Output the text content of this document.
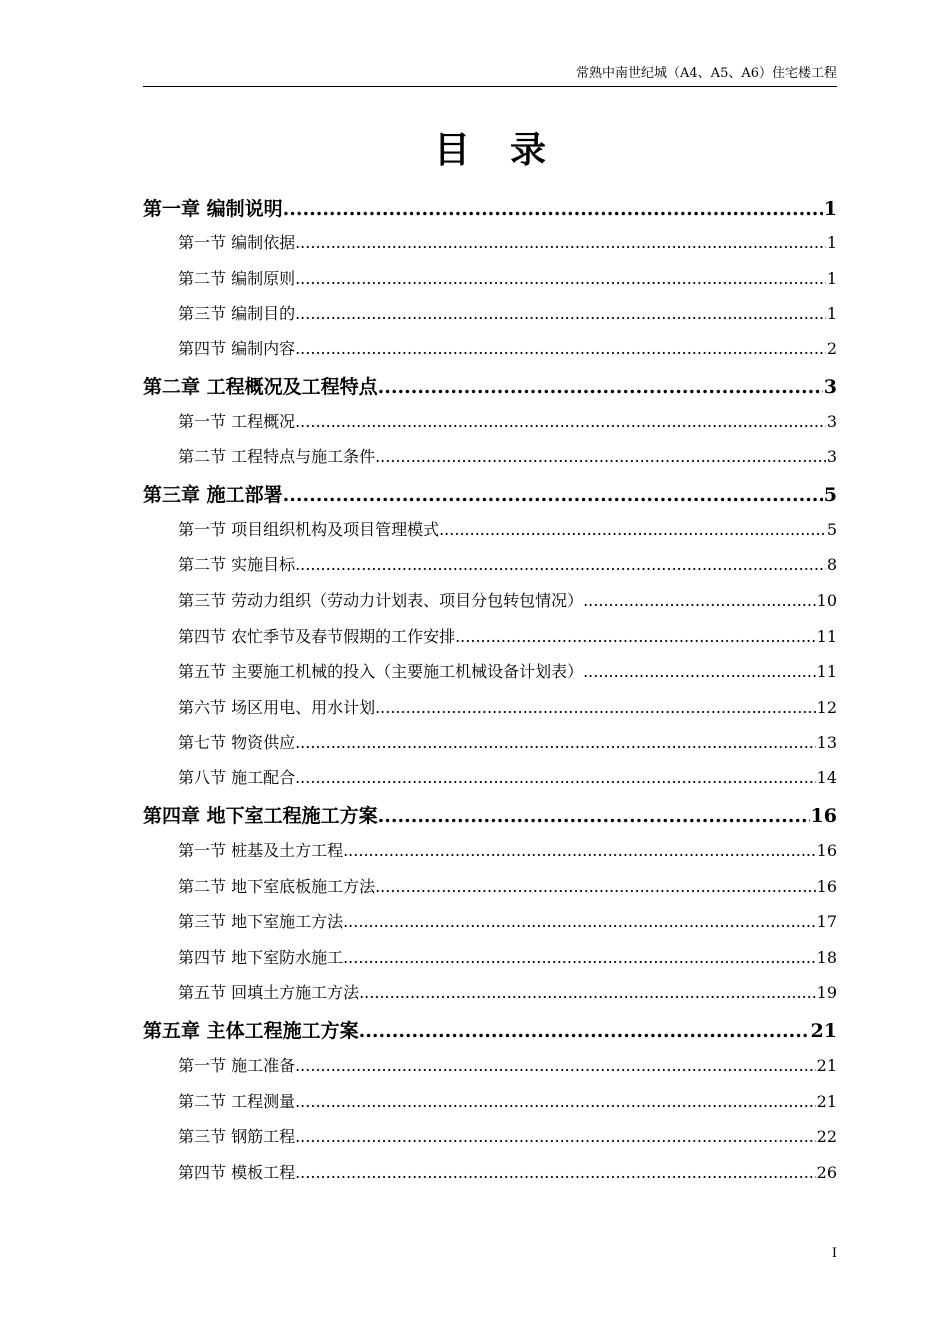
常熟中南世纪城（A4、A5、A6）住宅楼工程
目录
第一章 编制说明 .....	1
第一节 编制依据 .....	1
第二节 编制原则 .....	1
第三节 编制目的 .....	1
第四节 编制内容 .....	2
第二章 工程概况及工程特点 .....	3
第一节 工程概况 .....	3
第二节 工程特点与施工条件 .....	3
第三章 施工部署 .....	5
第一节 项目组织机构及项目管理模式 .....	5
第二节 实施目标 .....	8
第三节 劳动力组织（劳动力计划表、项目分包转包情况） .....	10
第四节 农忙季节及春节假期的工作安排 .....	11
第五节 主要施工机械的投入（主要施工机械设备计划表） .....	11
第六节 场区用电、用水计划 .....	12
第七节 物资供应 .....	13
第八节 施工配合 .....	14
第四章 地下室工程施工方案 .....	16
第一节 桩基及土方工程 .....	16
第二节 地下室底板施工方法 .....	16
第三节 地下室施工方法 .....	17
第四节 地下室防水施工 .....	18
第五节 回填土方施工方法 .....	19
第五章 主体工程施工方案 .....	21
第一节 施工准备 .....	21
第二节 工程测量 .....	21
第三节 钢筋工程 .....	22
第四节 模板工程 .....	26
I
